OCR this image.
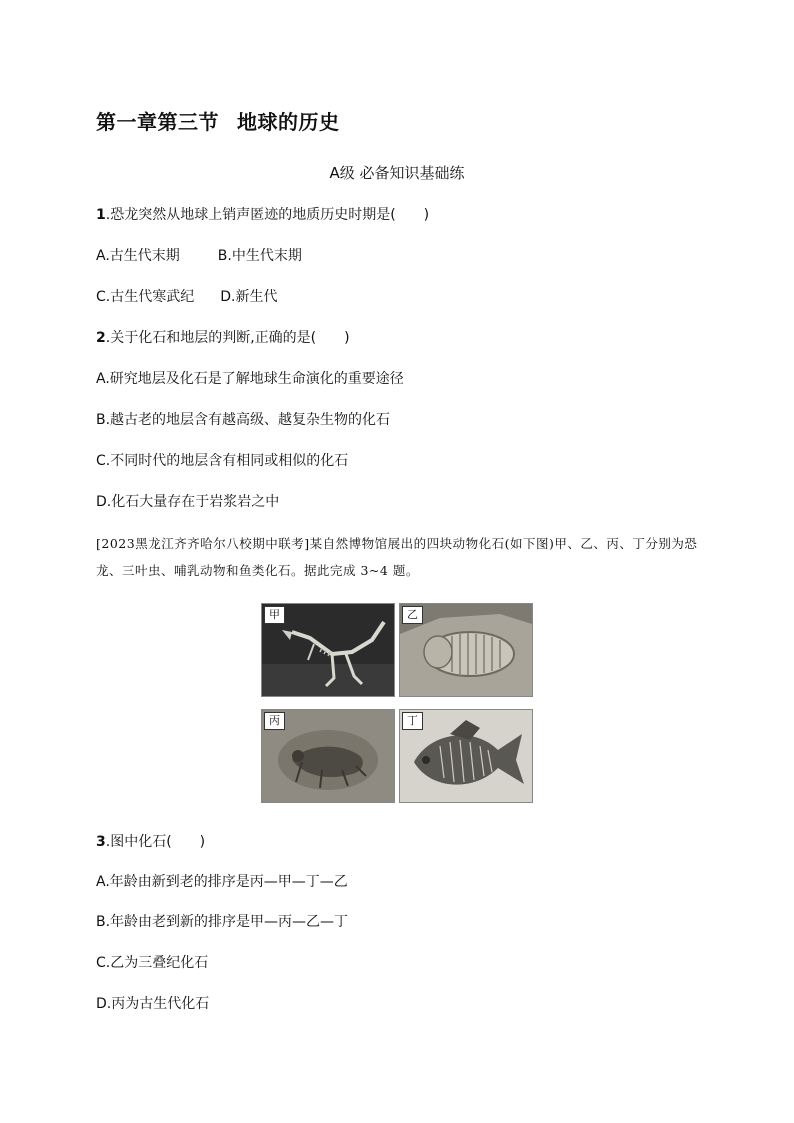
第一章第三节 地球的历史
A级 必备知识基础练
1.恐龙突然从地球上销声匿迹的地质历史时期是(　　)
A.古生代末期	B.中生代末期
C.古生代寒武纪 D.新生代
2.关于化石和地层的判断,正确的是(　　)
A.研究地层及化石是了解地球生命演化的重要途径
B.越古老的地层含有越高级、越复杂生物的化石
C.不同时代的地层含有相同或相似的化石
D.化石大量存在于岩浆岩之中
[2023黑龙江齐齐哈尔八校期中联考]某自然博物馆展出的四块动物化石(如下图)甲、乙、丙、丁分别为恐龙、三叶虫、哺乳动物和鱼类化石。据此完成 3~4 题。
甲	乙
丙	丁
3.图中化石(　　)
A.年龄由新到老的排序是丙—甲—丁—乙
B.年龄由老到新的排序是甲—丙—乙—丁
C.乙为三叠纪化石
D.丙为古生代化石
